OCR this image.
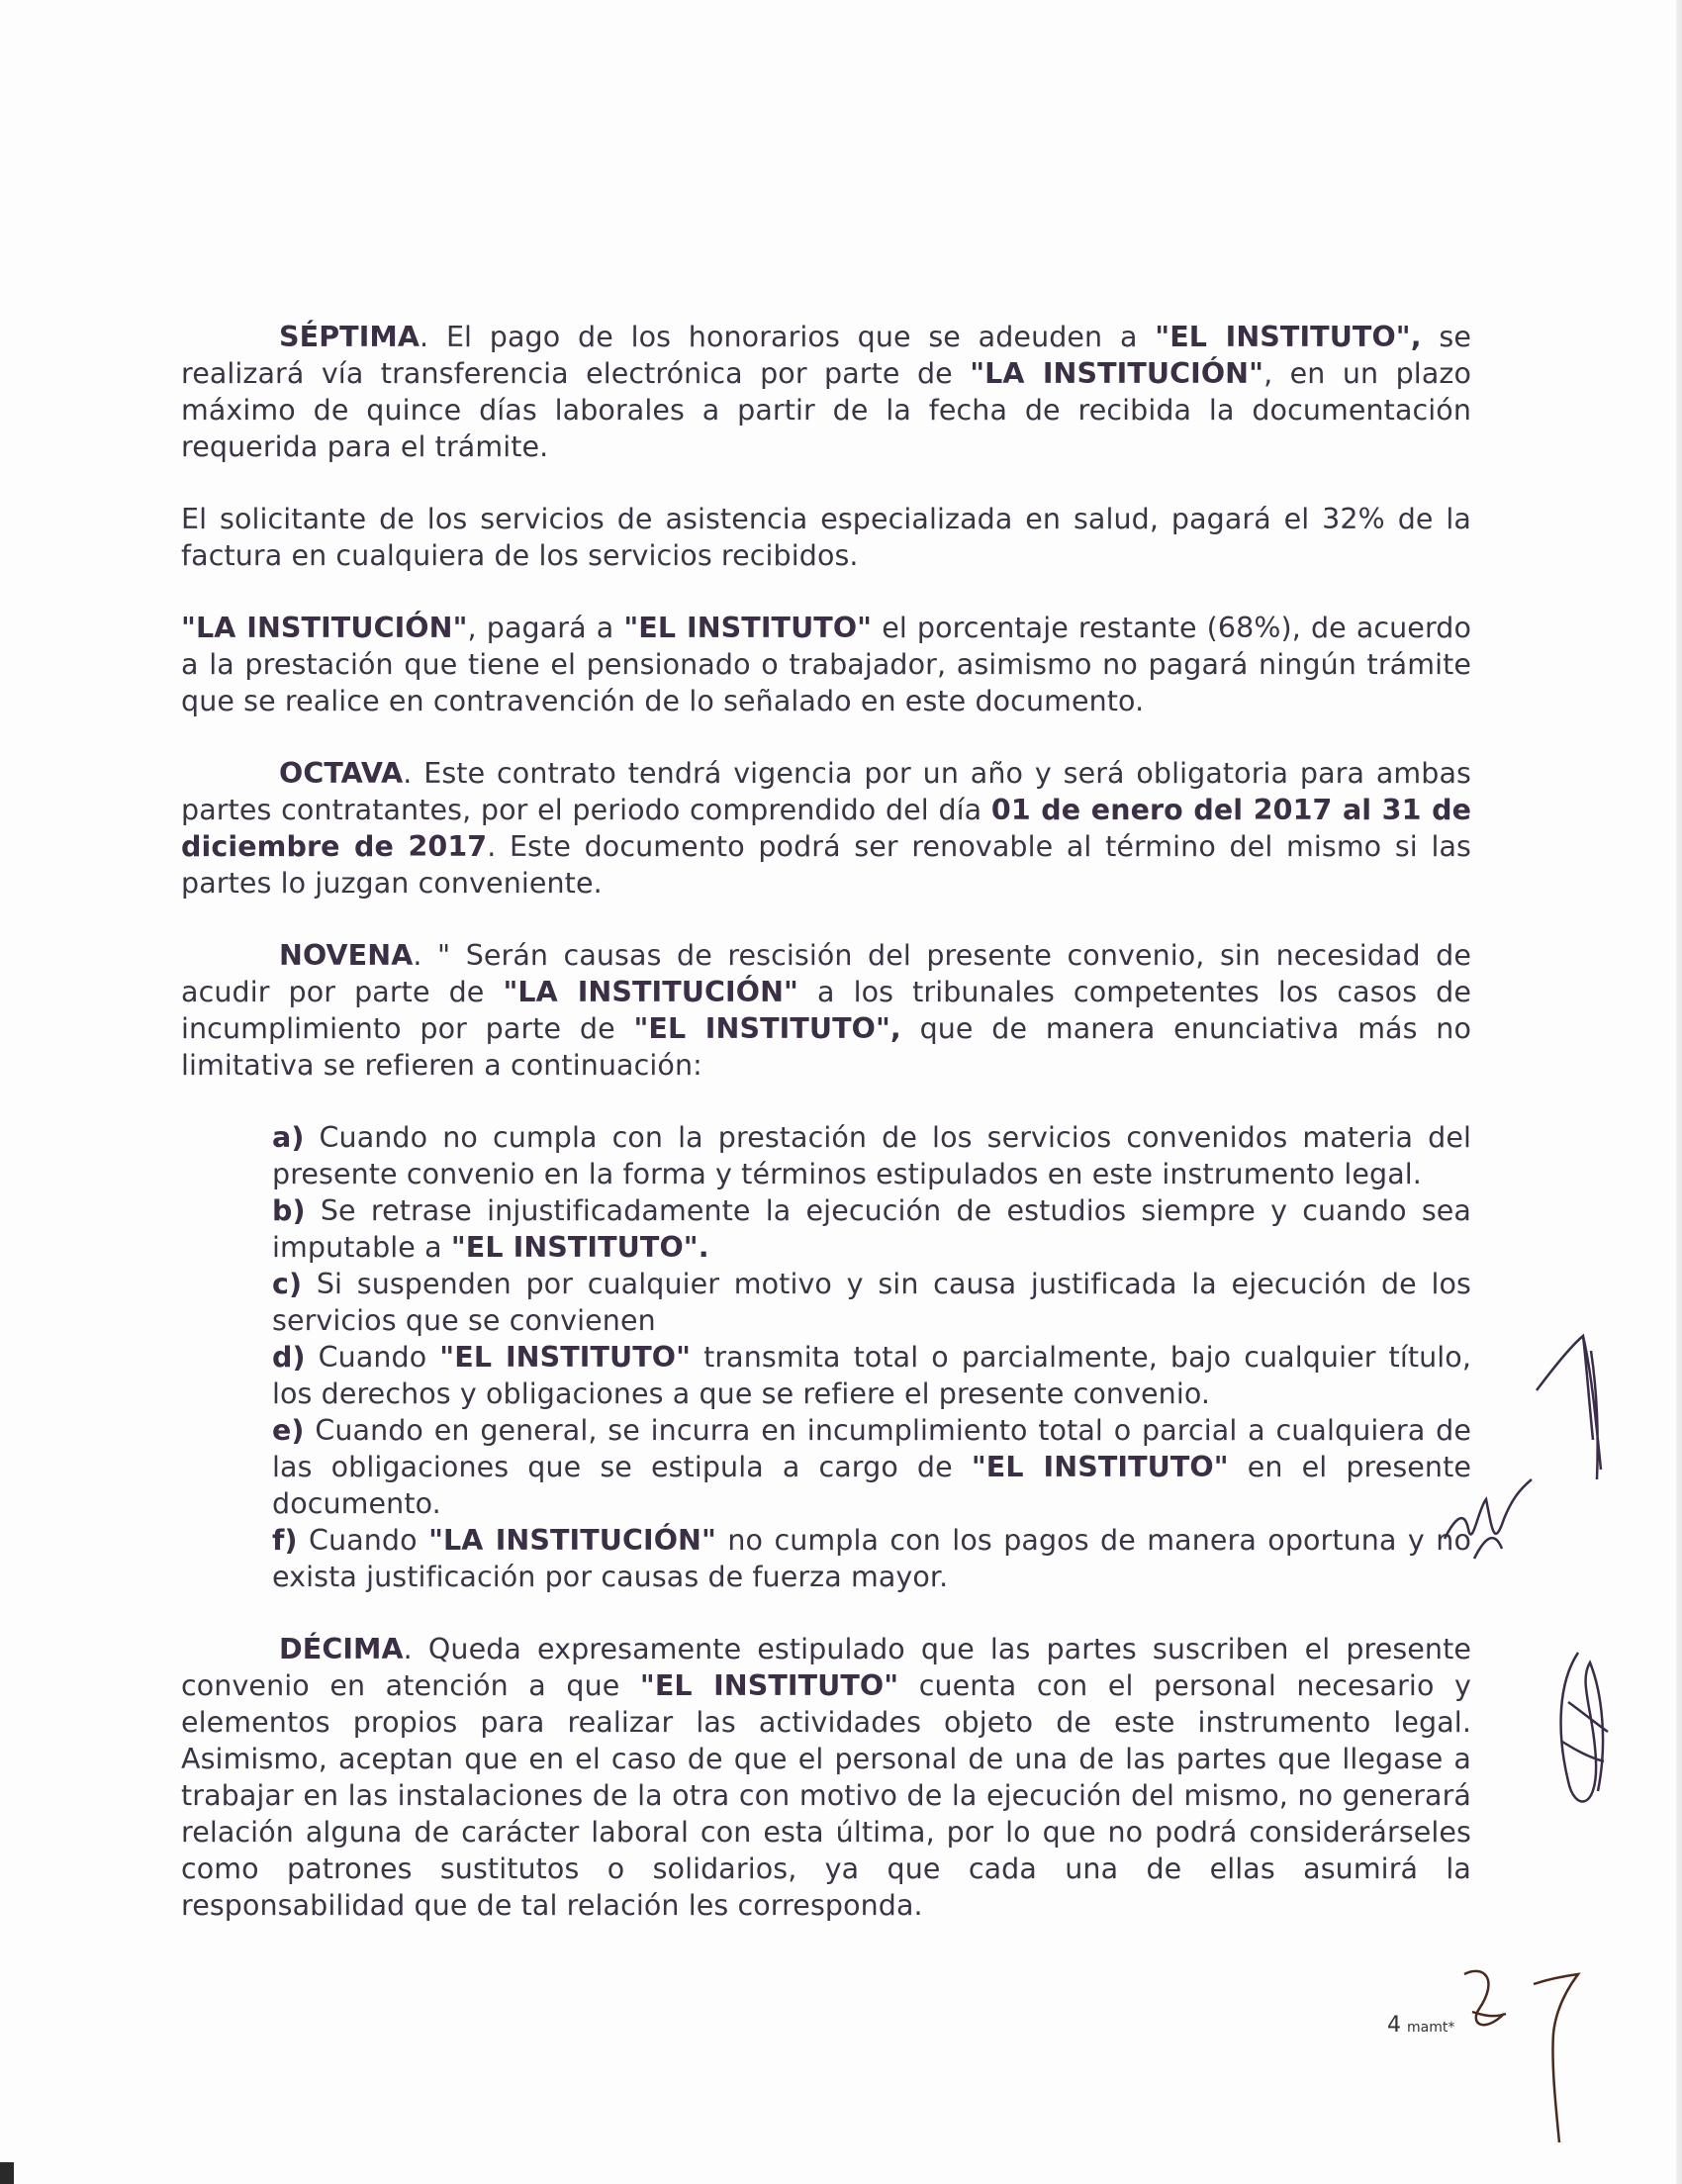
SÉPTIMA. El pago de los honorarios que se adeuden a "EL INSTITUTO", se realizará vía transferencia electrónica por parte de "LA INSTITUCIÓN", en un plazo máximo de quince días laborales a partir de la fecha de recibida la documentación requerida para el trámite.

El solicitante de los servicios de asistencia especializada en salud, pagará el 32% de la factura en cualquiera de los servicios recibidos.

"LA INSTITUCIÓN", pagará a "EL INSTITUTO" el porcentaje restante (68%), de acuerdo a la prestación que tiene el pensionado o trabajador, asimismo no pagará ningún trámite que se realice en contravención de lo señalado en este documento.

OCTAVA. Este contrato tendrá vigencia por un año y será obligatoria para ambas partes contratantes, por el periodo comprendido del día 01 de enero del 2017 al 31 de diciembre de 2017. Este documento podrá ser renovable al término del mismo si las partes lo juzgan conveniente.

NOVENA. " Serán causas de rescisión del presente convenio, sin necesidad de acudir por parte de "LA INSTITUCIÓN" a los tribunales competentes los casos de incumplimiento por parte de "EL INSTITUTO", que de manera enunciativa más no limitativa se refieren a continuación:

a) Cuando no cumpla con la prestación de los servicios convenidos materia del presente convenio en la forma y términos estipulados en este instrumento legal.

b) Se retrase injustificadamente la ejecución de estudios siempre y cuando sea imputable a "EL INSTITUTO".

c) Si suspenden por cualquier motivo y sin causa justificada la ejecución de los servicios que se convienen

d) Cuando "EL INSTITUTO" transmita total o parcialmente, bajo cualquier título, los derechos y obligaciones a que se refiere el presente convenio.

e) Cuando en general, se incurra en incumplimiento total o parcial a cualquiera de las obligaciones que se estipula a cargo de "EL INSTITUTO" en el presente documento.

f) Cuando "LA INSTITUCIÓN" no cumpla con los pagos de manera oportuna y no exista justificación por causas de fuerza mayor.

DÉCIMA. Queda expresamente estipulado que las partes suscriben el presente convenio en atención a que "EL INSTITUTO" cuenta con el personal necesario y elementos propios para realizar las actividades objeto de este instrumento legal. Asimismo, aceptan que en el caso de que el personal de una de las partes que llegase a trabajar en las instalaciones de la otra con motivo de la ejecución del mismo, no generará relación alguna de carácter laboral con esta última, por lo que no podrá considerárseles como patrones sustitutos o solidarios, ya que cada una de ellas asumirá la responsabilidad que de tal relación les corresponda.

4 mamt*
